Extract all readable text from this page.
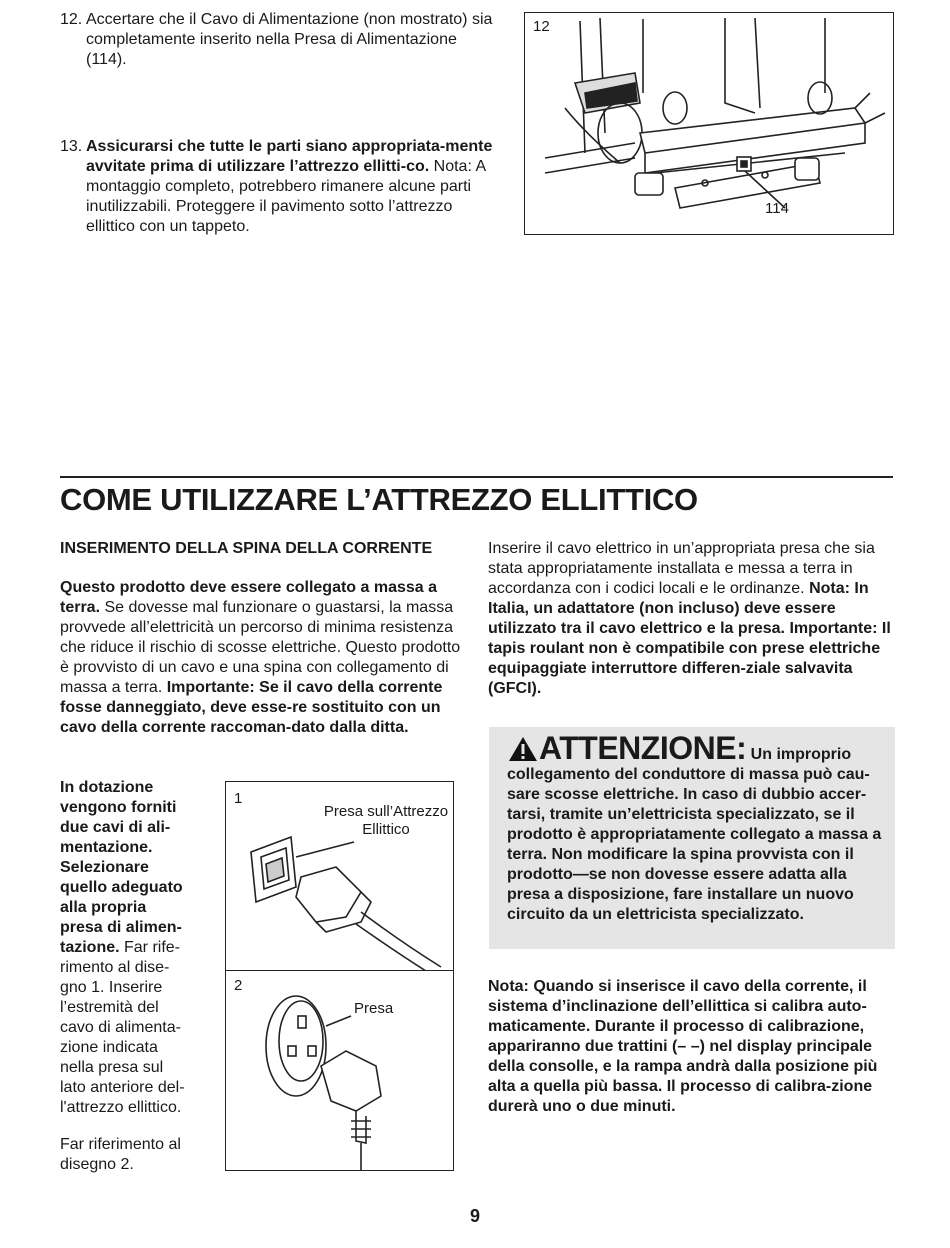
12. Accertare che il Cavo di Alimentazione (non mostrato) sia completamente inserito nella Presa di Alimentazione (114).
13. Assicurarsi che tutte le parti siano appropriata-mente avvitate prima di utilizzare l’attrezzo ellitti-co. Nota: A montaggio completo, potrebbero rimanere alcune parti inutilizzabili. Proteggere il pavimento sotto l’attrezzo ellittico con un tappeto.
12
114
COME UTILIZZARE L’ATTREZZO ELLITTICO
INSERIMENTO DELLA SPINA DELLA CORRENTE
Questo prodotto deve essere collegato a massa a terra. Se dovesse mal funzionare o guastarsi, la massa provvede all’elettricità un percorso di minima resistenza che riduce il rischio di scosse elettriche. Questo prodotto è provvisto di un cavo e una spina con collegamento di massa a terra. Importante: Se il cavo della corrente fosse danneggiato, deve esse-re sostituito con un cavo della corrente raccoman-dato dalla ditta.
In dotazione vengono forniti due cavi di ali-mentazione. Selezionare quello adeguato alla propria presa di alimen-tazione. Far rife-rimento al dise-gno 1. Inserire l’estremità del cavo di alimenta-zione indicata nella presa sul lato anteriore del-l'attrezzo ellittico.
Far riferimento al disegno 2.
1
Presa sull’Attrezzo Ellittico
2
Presa
Inserire il cavo elettrico in un’appropriata presa che sia stata appropriatamente installata e messa a terra in accordanza con i codici locali e le ordinanze. Nota: In Italia, un adattatore (non incluso) deve essere utilizzato tra il cavo elettrico e la presa. Importante: Il tapis roulant non è compatibile con prese elettriche equipaggiate interruttore differen-ziale salvavita (GFCI).
ATTENZIONE: Un improprio collegamento del conduttore di massa può cau-sare scosse elettriche. In caso di dubbio accer-tarsi, tramite un’elettricista specializzato, se il prodotto è appropriatamente collegato a massa a terra. Non modificare la spina provvista con il prodotto—se non dovesse essere adatta alla presa a disposizione, fare installare un nuovo circuito da un elettricista specializzato.
Nota: Quando si inserisce il cavo della corrente, il sistema d’inclinazione dell’ellittica si calibra auto-maticamente. Durante il processo di calibrazione, appariranno due trattini (– –) nel display principale della consolle, e la rampa andrà dalla posizione più alta a quella più bassa. Il processo di calibra-zione durerà uno o due minuti.
9
